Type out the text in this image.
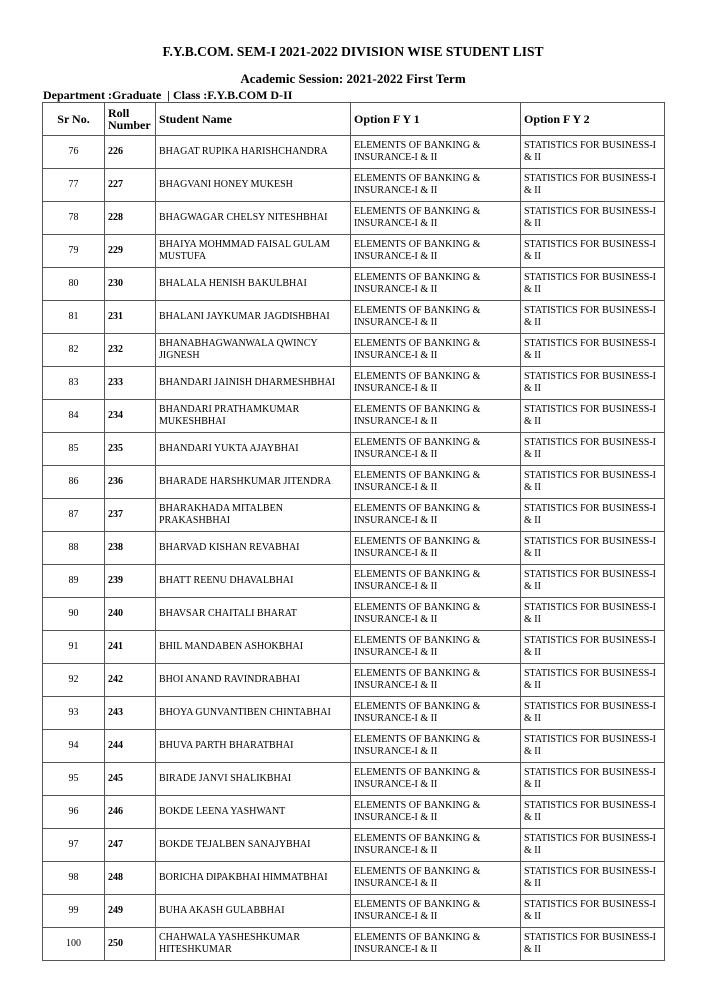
F.Y.B.COM. SEM-I 2021-2022 DIVISION WISE STUDENT LIST
Academic Session: 2021-2022 First Term
Department :Graduate  | Class :F.Y.B.COM D-II
Sr No.	Roll Number	Student Name	Option F Y 1	Option F Y 2
76	226	BHAGAT RUPIKA HARISHCHANDRA	ELEMENTS OF BANKING & INSURANCE-I & II	STATISTICS FOR BUSINESS-I & II
77	227	BHAGVANI HONEY MUKESH	ELEMENTS OF BANKING & INSURANCE-I & II	STATISTICS FOR BUSINESS-I & II
78	228	BHAGWAGAR CHELSY NITESHBHAI	ELEMENTS OF BANKING & INSURANCE-I & II	STATISTICS FOR BUSINESS-I & II
79	229	BHAIYA MOHMMAD FAISAL GULAM MUSTUFA	ELEMENTS OF BANKING & INSURANCE-I & II	STATISTICS FOR BUSINESS-I & II
80	230	BHALALA HENISH BAKULBHAI	ELEMENTS OF BANKING & INSURANCE-I & II	STATISTICS FOR BUSINESS-I & II
81	231	BHALANI JAYKUMAR JAGDISHBHAI	ELEMENTS OF BANKING & INSURANCE-I & II	STATISTICS FOR BUSINESS-I & II
82	232	BHANABHAGWANWALA QWINCY JIGNESH	ELEMENTS OF BANKING & INSURANCE-I & II	STATISTICS FOR BUSINESS-I & II
83	233	BHANDARI JAINISH DHARMESHBHAI	ELEMENTS OF BANKING & INSURANCE-I & II	STATISTICS FOR BUSINESS-I & II
84	234	BHANDARI PRATHAMKUMAR MUKESHBHAI	ELEMENTS OF BANKING & INSURANCE-I & II	STATISTICS FOR BUSINESS-I & II
85	235	BHANDARI YUKTA AJAYBHAI	ELEMENTS OF BANKING & INSURANCE-I & II	STATISTICS FOR BUSINESS-I & II
86	236	BHARADE HARSHKUMAR JITENDRA	ELEMENTS OF BANKING & INSURANCE-I & II	STATISTICS FOR BUSINESS-I & II
87	237	BHARAKHADA MITALBEN PRAKASHBHAI	ELEMENTS OF BANKING & INSURANCE-I & II	STATISTICS FOR BUSINESS-I & II
88	238	BHARVAD KISHAN REVABHAI	ELEMENTS OF BANKING & INSURANCE-I & II	STATISTICS FOR BUSINESS-I & II
89	239	BHATT REENU DHAVALBHAI	ELEMENTS OF BANKING & INSURANCE-I & II	STATISTICS FOR BUSINESS-I & II
90	240	BHAVSAR CHAITALI BHARAT	ELEMENTS OF BANKING & INSURANCE-I & II	STATISTICS FOR BUSINESS-I & II
91	241	BHIL MANDABEN ASHOKBHAI	ELEMENTS OF BANKING & INSURANCE-I & II	STATISTICS FOR BUSINESS-I & II
92	242	BHOI ANAND RAVINDRABHAI	ELEMENTS OF BANKING & INSURANCE-I & II	STATISTICS FOR BUSINESS-I & II
93	243	BHOYA GUNVANTIBEN CHINTABHAI	ELEMENTS OF BANKING & INSURANCE-I & II	STATISTICS FOR BUSINESS-I & II
94	244	BHUVA PARTH BHARATBHAI	ELEMENTS OF BANKING & INSURANCE-I & II	STATISTICS FOR BUSINESS-I & II
95	245	BIRADE JANVI SHALIKBHAI	ELEMENTS OF BANKING & INSURANCE-I & II	STATISTICS FOR BUSINESS-I & II
96	246	BOKDE LEENA YASHWANT	ELEMENTS OF BANKING & INSURANCE-I & II	STATISTICS FOR BUSINESS-I & II
97	247	BOKDE TEJALBEN SANAJYBHAI	ELEMENTS OF BANKING & INSURANCE-I & II	STATISTICS FOR BUSINESS-I & II
98	248	BORICHA DIPAKBHAI HIMMATBHAI	ELEMENTS OF BANKING & INSURANCE-I & II	STATISTICS FOR BUSINESS-I & II
99	249	BUHA AKASH GULABBHAI	ELEMENTS OF BANKING & INSURANCE-I & II	STATISTICS FOR BUSINESS-I & II
100	250	CHAHWALA YASHESHKUMAR HITESHKUMAR	ELEMENTS OF BANKING & INSURANCE-I & II	STATISTICS FOR BUSINESS-I & II
